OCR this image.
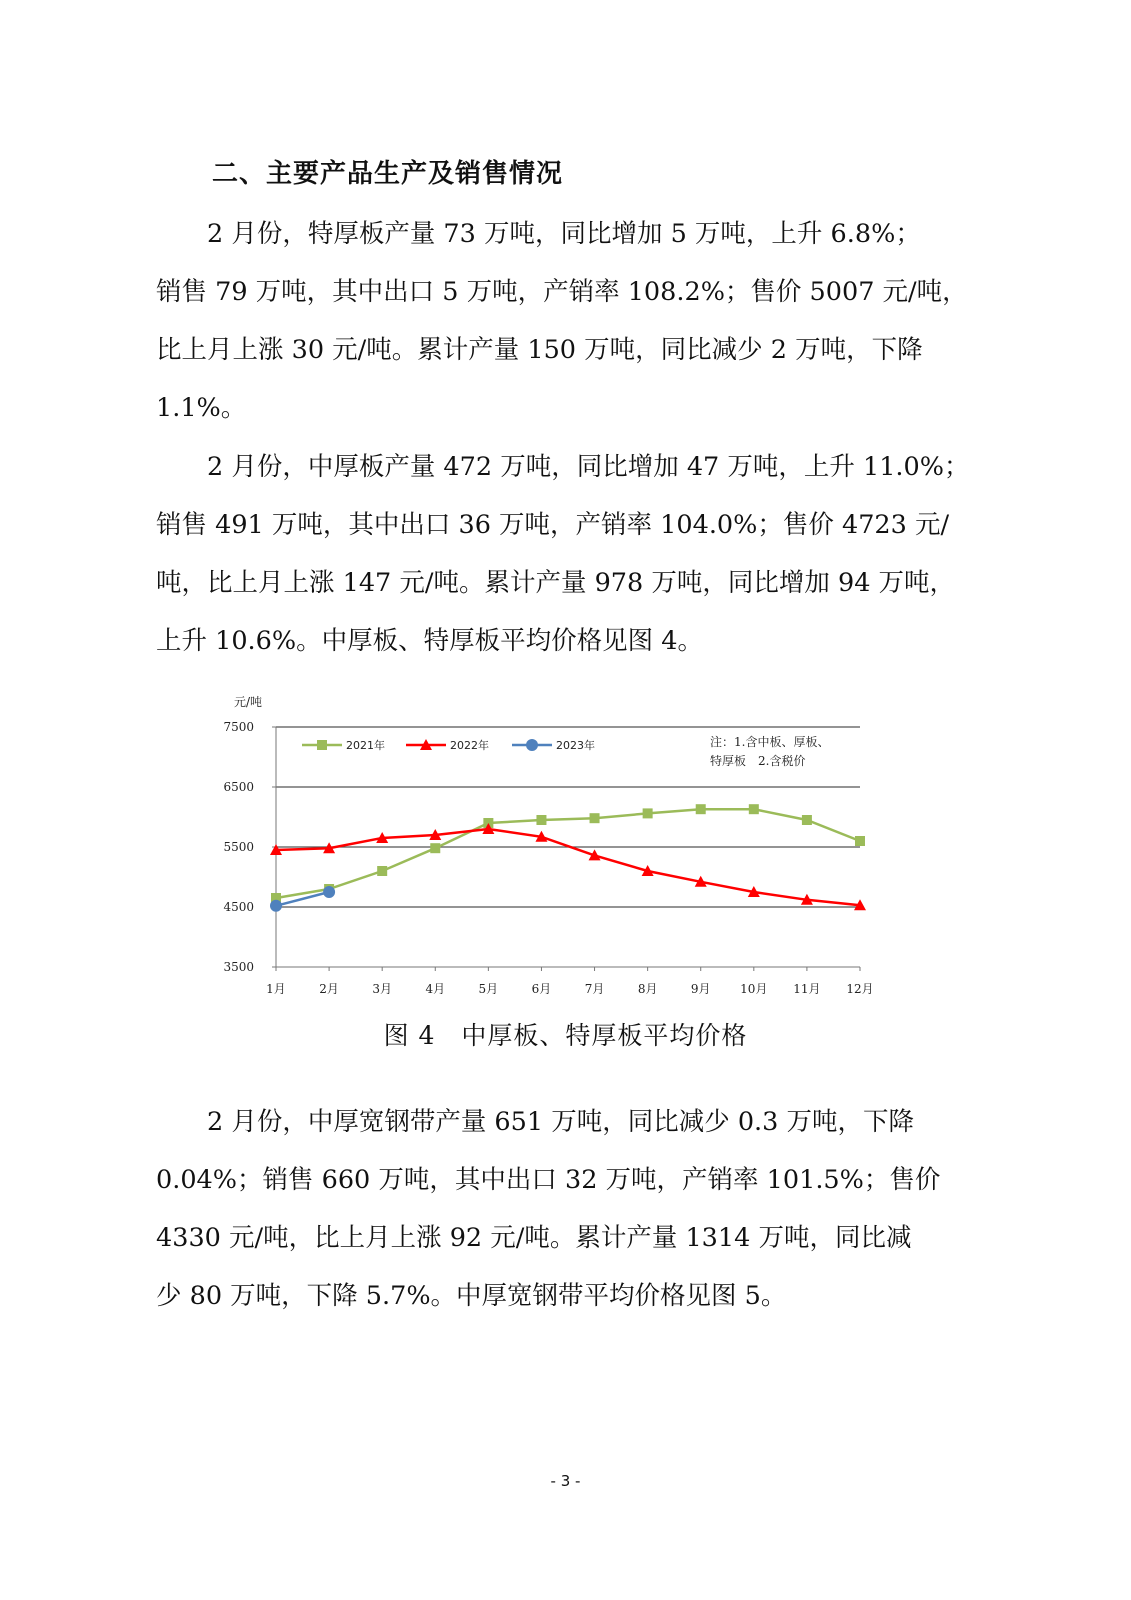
二、主要产品生产及销售情况

　　2 月份，特厚板产量 73 万吨，同比增加 5 万吨，上升 6.8%；
销售 79 万吨，其中出口 5 万吨，产销率 108.2%；售价 5007 元/吨，
比上月上涨 30 元/吨。累计产量 150 万吨，同比减少 2 万吨，下降
1.1%。

　　2 月份，中厚板产量 472 万吨，同比增加 47 万吨，上升 11.0%；
销售 491 万吨，其中出口 36 万吨，产销率 104.0%；售价 4723 元/
吨，比上月上涨 147 元/吨。累计产量 978 万吨，同比增加 94 万吨，
上升 10.6%。中厚板、特厚板平均价格见图 4。

3500
4500
5500
6500
7500
元/吨
1月	2月	3月	4月	5月	6月	7月	8月	9月 10月 11月 12月
2021年	2022年	2023年	注：1.含中板、厚板、
特厚板　2.含税价

图 4　中厚板、特厚板平均价格

　　2 月份，中厚宽钢带产量 651 万吨，同比减少 0.3 万吨，下降
0.04%；销售 660 万吨，其中出口 32 万吨，产销率 101.5%；售价
4330 元/吨，比上月上涨 92 元/吨。累计产量 1314 万吨，同比减
少 80 万吨，下降 5.7%。中厚宽钢带平均价格见图 5。

- 3 -
